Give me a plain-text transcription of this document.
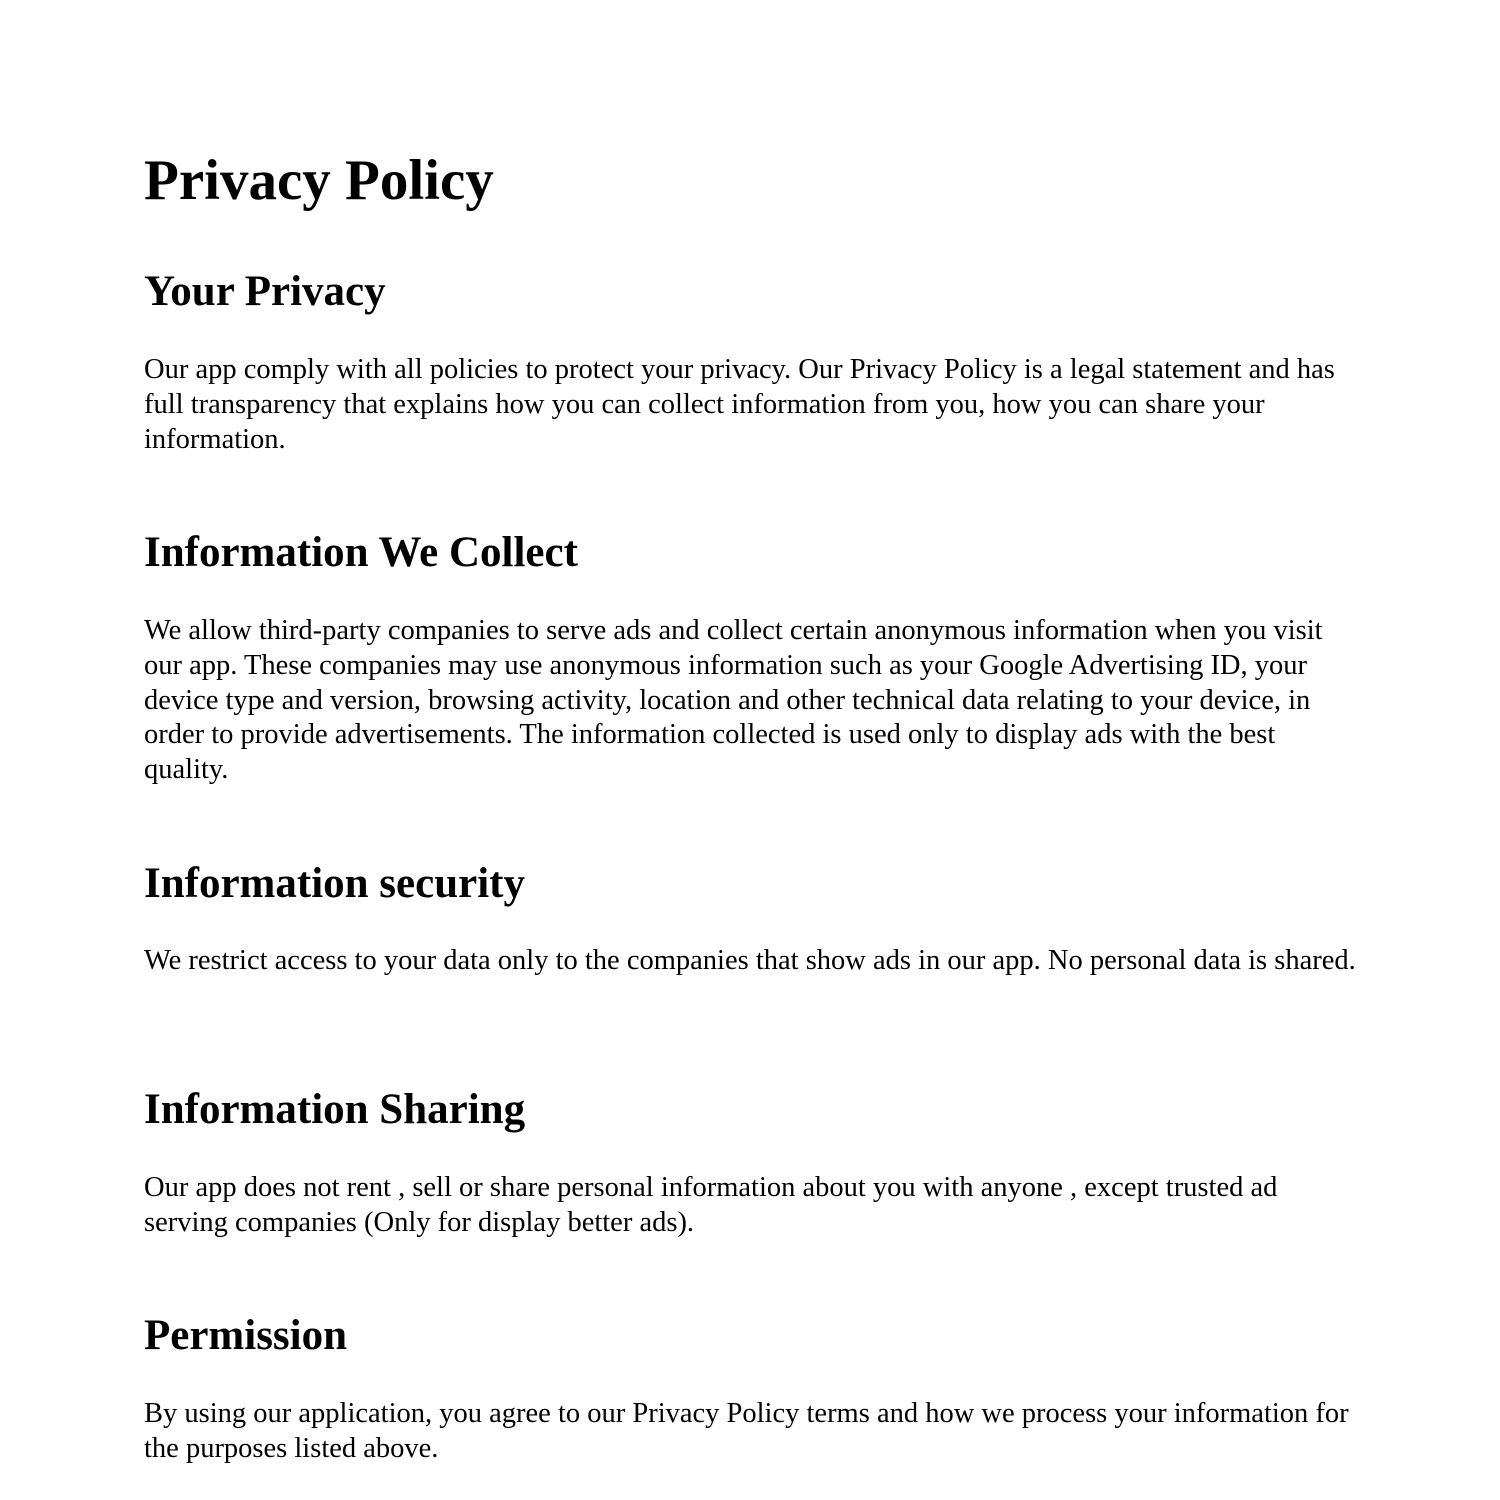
Privacy Policy
Your Privacy

Our app comply with all policies to protect your privacy. Our Privacy Policy is a legal statement and has full transparency that explains how you can collect information from you, how you can share your information.

Information We Collect

We allow third-party companies to serve ads and collect certain anonymous information when you visit our app. These companies may use anonymous information such as your Google Advertising ID, your device type and version, browsing activity, location and other technical data relating to your device, in order to provide advertisements. The information collected is used only to display ads with the best quality.

Information security

We restrict access to your data only to the companies that show ads in our app. No personal data is shared.

Information Sharing

Our app does not rent , sell or share personal information about you with anyone , except trusted ad serving companies (Only for display better ads).

Permission

By using our application, you agree to our Privacy Policy terms and how we process your information for the purposes listed above.
